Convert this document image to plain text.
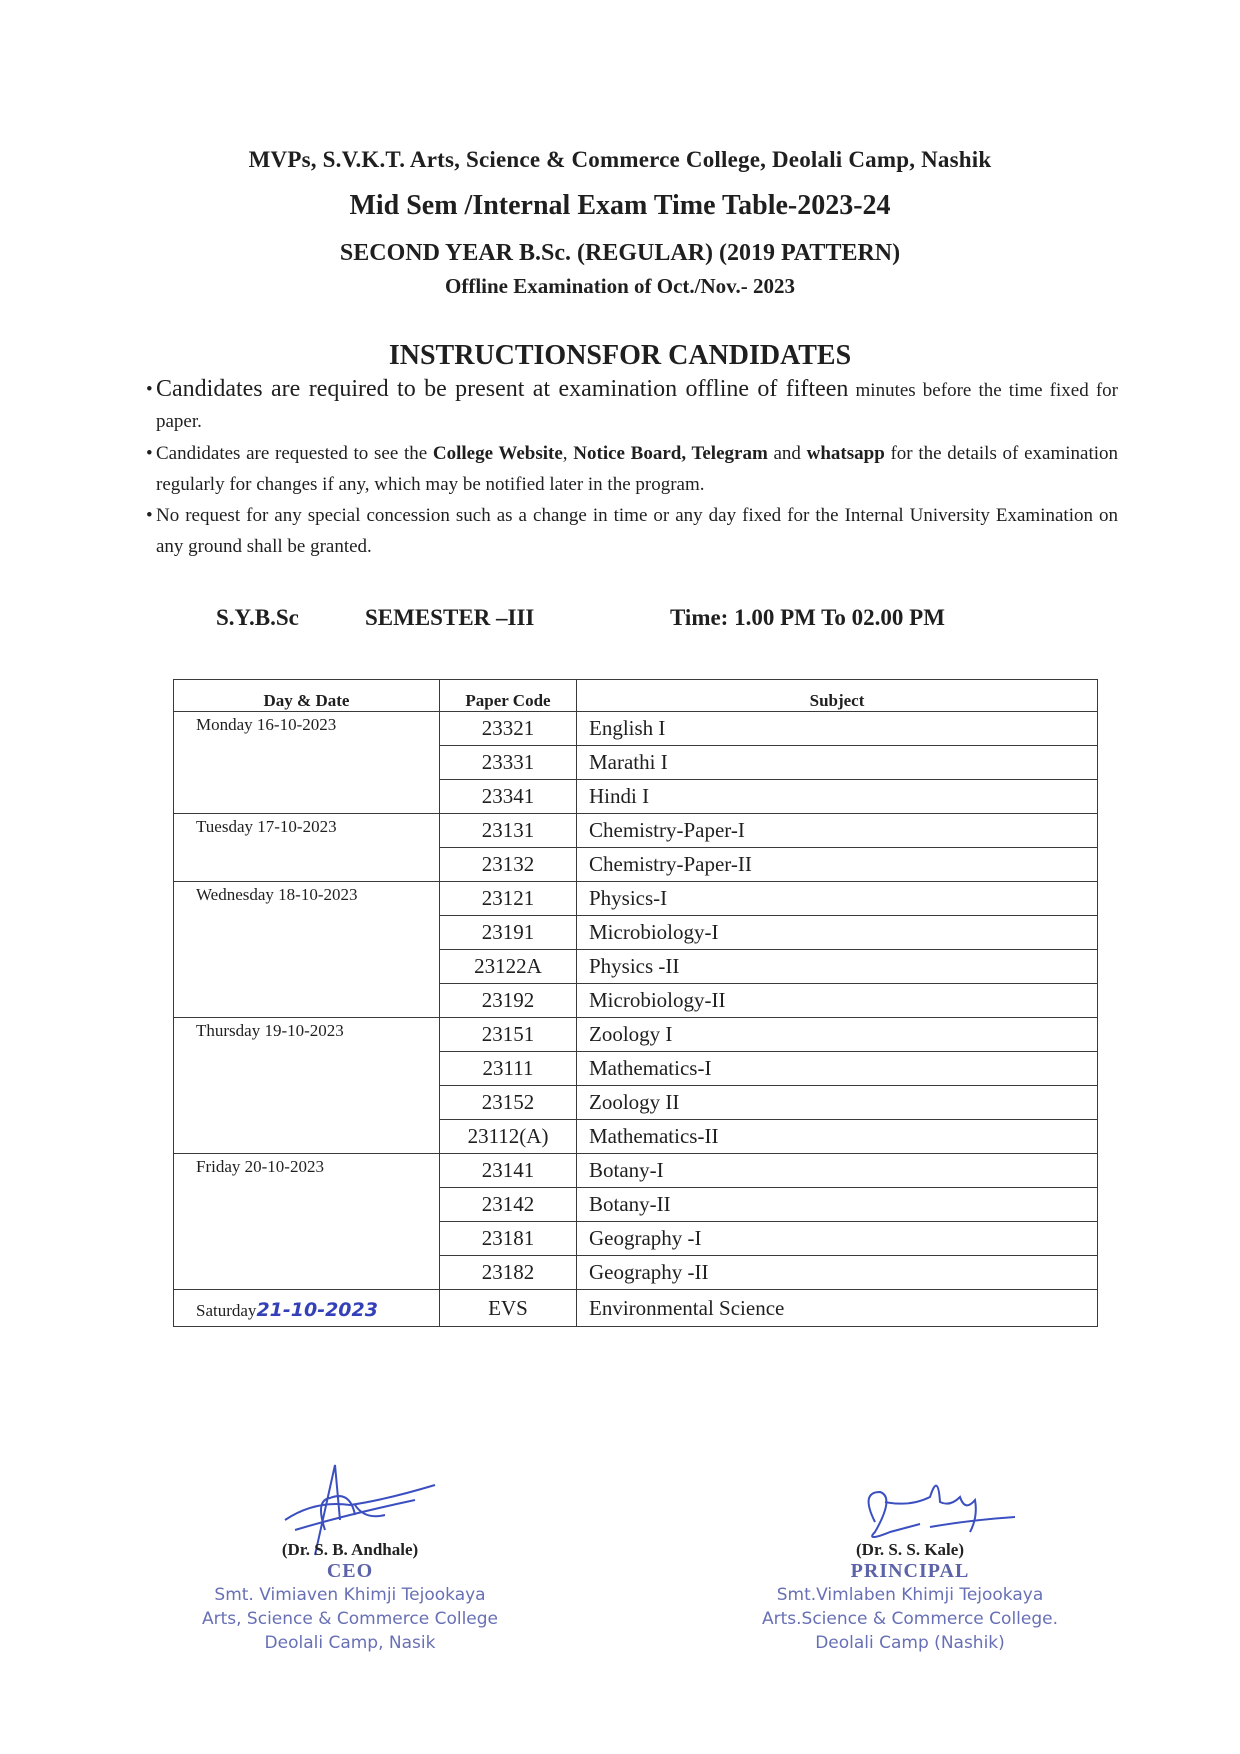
MVPs, S.V.K.T. Arts, Science & Commerce College, Deolali Camp, Nashik
Mid Sem /Internal Exam Time Table-2023-24
SECOND YEAR B.Sc. (REGULAR) (2019 PATTERN)
Offline Examination of Oct./Nov.- 2023
INSTRUCTIONSFOR CANDIDATES
• Candidates are required to be present at examination offline of fifteen minutes before the time fixed for paper.
• Candidates are requested to see the College Website, Notice Board, Telegram and whatsapp for the details of examination regularly for changes if any, which may be notified later in the program.
• No request for any special concession such as a change in time or any day fixed for the Internal University Examination on any ground shall be granted.
S.Y.B.Sc	SEMESTER –III	Time: 1.00 PM To 02.00 PM
Day & Date	Paper Code	Subject
Monday 16-10-2023	23321	English I
	23331	Marathi I
	23341	Hindi I
Tuesday 17-10-2023	23131	Chemistry-Paper-I
	23132	Chemistry-Paper-II
Wednesday 18-10-2023	23121	Physics-I
	23191	Microbiology-I
	23122A	Physics -II
	23192	Microbiology-II
Thursday 19-10-2023	23151	Zoology I
	23111	Mathematics-I
	23152	Zoology II
	23112(A)	Mathematics-II
Friday 20-10-2023	23141	Botany-I
	23142	Botany-II
	23181	Geography -I
	23182	Geography -II
Saturday21-10-2023	EVS	Environmental Science
(Dr. S. B. Andhale)
CEO
Smt. Vimiaven Khimji Tejookaya
Arts, Science & Commerce College
Deolali Camp, Nasik
(Dr. S. S. Kale)
PRINCIPAL
Smt.Vimlaben Khimji Tejookaya
Arts.Science & Commerce College.
Deolali Camp (Nashik)
